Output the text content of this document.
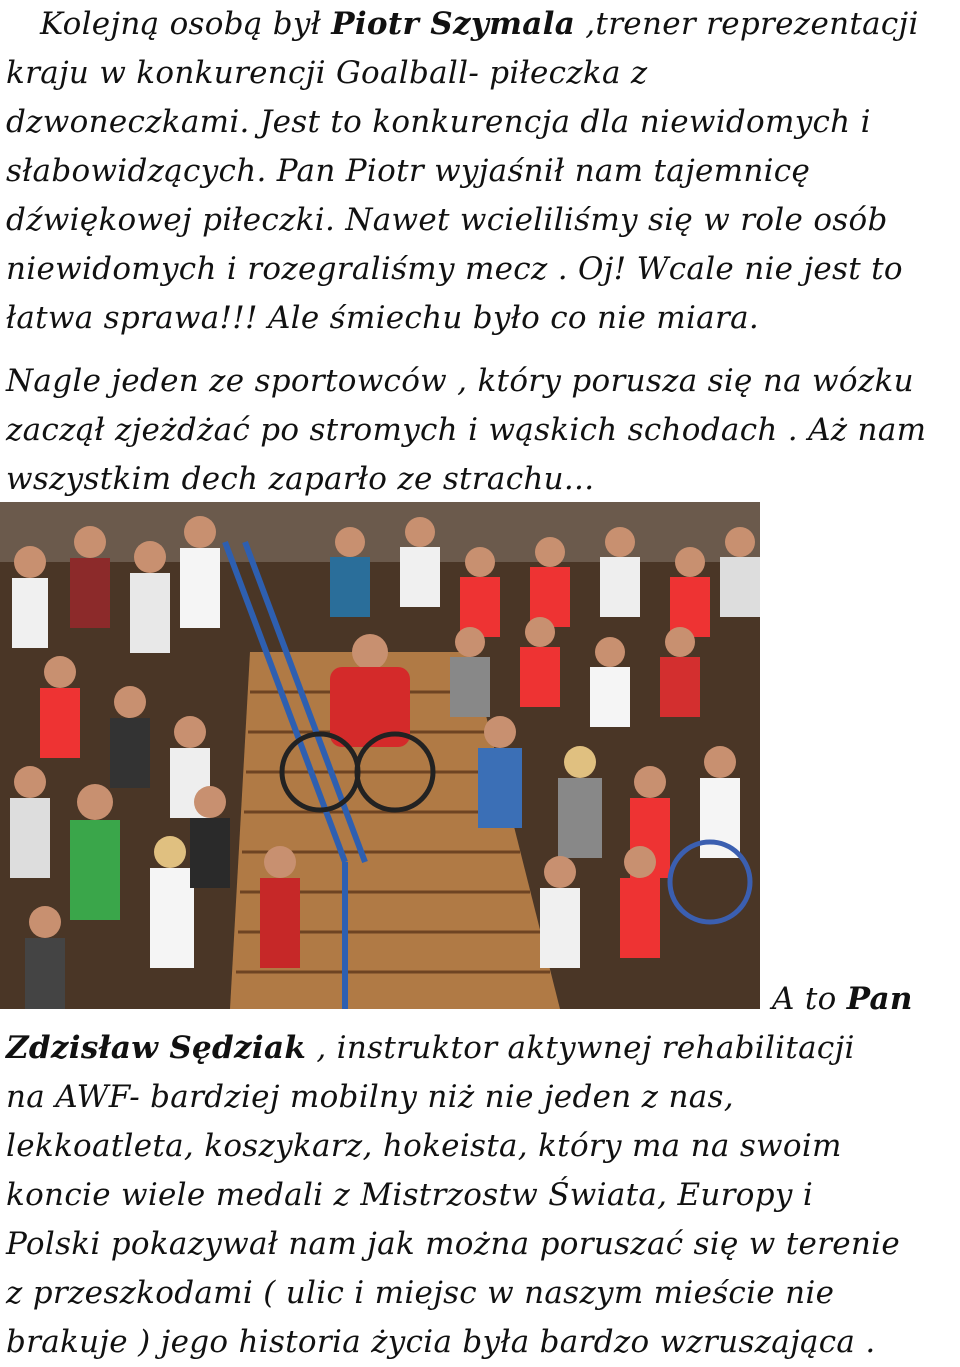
Kolejną osobą był Piotr Szymala ,trener reprezentacji
kraju w konkurencji Goalball- piłeczka z
dzwoneczkami. Jest to konkurencja dla niewidomych i
słabowidzących. Pan Piotr wyjaśnił nam tajemnicę
dźwiękowej piłeczki. Nawet wcieliliśmy się w role osób
niewidomych i rozegraliśmy mecz . Oj! Wcale nie jest to
łatwa sprawa!!! Ale śmiechu było co nie miara.
Nagle jeden ze sportowców , który porusza się na wózku
zaczął zjeżdżać po stromych i wąskich schodach . Aż nam
wszystkim dech zaparło ze strachu...
A to Pan
Zdzisław Sędziak , instruktor aktywnej rehabilitacji
na AWF- bardziej mobilny niż nie jeden z nas,
lekkoatleta, koszykarz, hokeista, który ma na swoim
koncie wiele medali z Mistrzostw Świata, Europy i
Polski pokazywał nam jak można poruszać się w terenie
z przeszkodami ( ulic i miejsc w naszym mieście nie
brakuje ) jego historia życia była bardzo wzruszająca .
